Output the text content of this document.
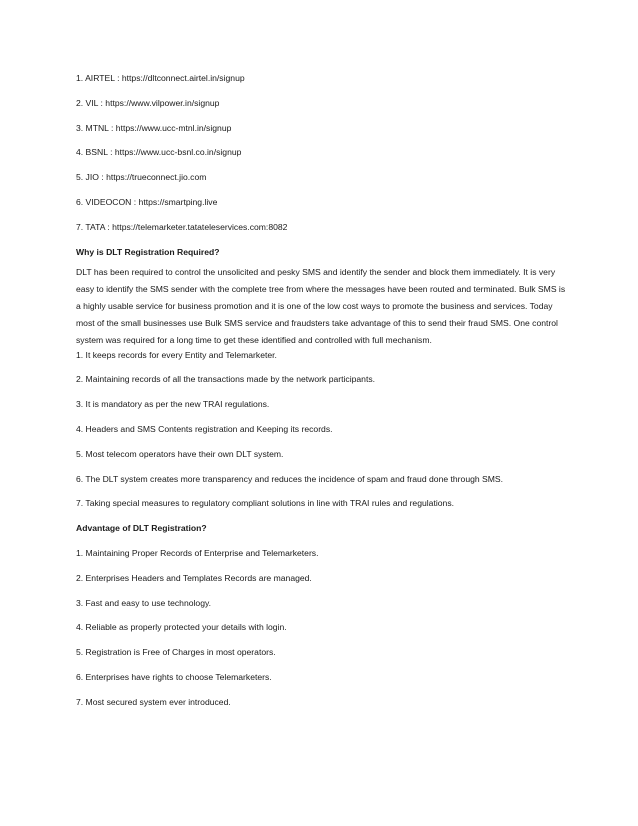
1. AIRTEL : https://dltconnect.airtel.in/signup

2. VIL : https://www.vilpower.in/signup

3. MTNL : https://www.ucc-mtnl.in/signup

4. BSNL : https://www.ucc-bsnl.co.in/signup

5. JIO : https://trueconnect.jio.com

6. VIDEOCON : https://smartping.live

7. TATA : https://telemarketer.tatateleservices.com:8082

Why is DLT Registration Required?

DLT has been required to control the unsolicited and pesky SMS and identify the sender and block them immediately. It is very easy to identify the SMS sender with the complete tree from where the messages have been routed and terminated. Bulk SMS is a highly usable service for business promotion and it is one of the low cost ways to promote the business and services. Today most of the small businesses use Bulk SMS service and fraudsters take advantage of this to send their fraud SMS. One control system was required for a long time to get these identified and controlled with full mechanism.

1. It keeps records for every Entity and Telemarketer.

2. Maintaining records of all the transactions made by the network participants.

3. It is mandatory as per the new TRAI regulations.

4. Headers and SMS Contents registration and Keeping its records.

5. Most telecom operators have their own DLT system.

6. The DLT system creates more transparency and reduces the incidence of spam and fraud done through SMS.

7. Taking special measures to regulatory compliant solutions in line with TRAI rules and regulations.

Advantage of DLT Registration?

1. Maintaining Proper Records of Enterprise and Telemarketers.

2. Enterprises Headers and Templates Records are managed.

3. Fast and easy to use technology.

4. Reliable as properly protected your details with login.

5. Registration is Free of Charges in most operators.

6. Enterprises have rights to choose Telemarketers.

7. Most secured system ever introduced.
